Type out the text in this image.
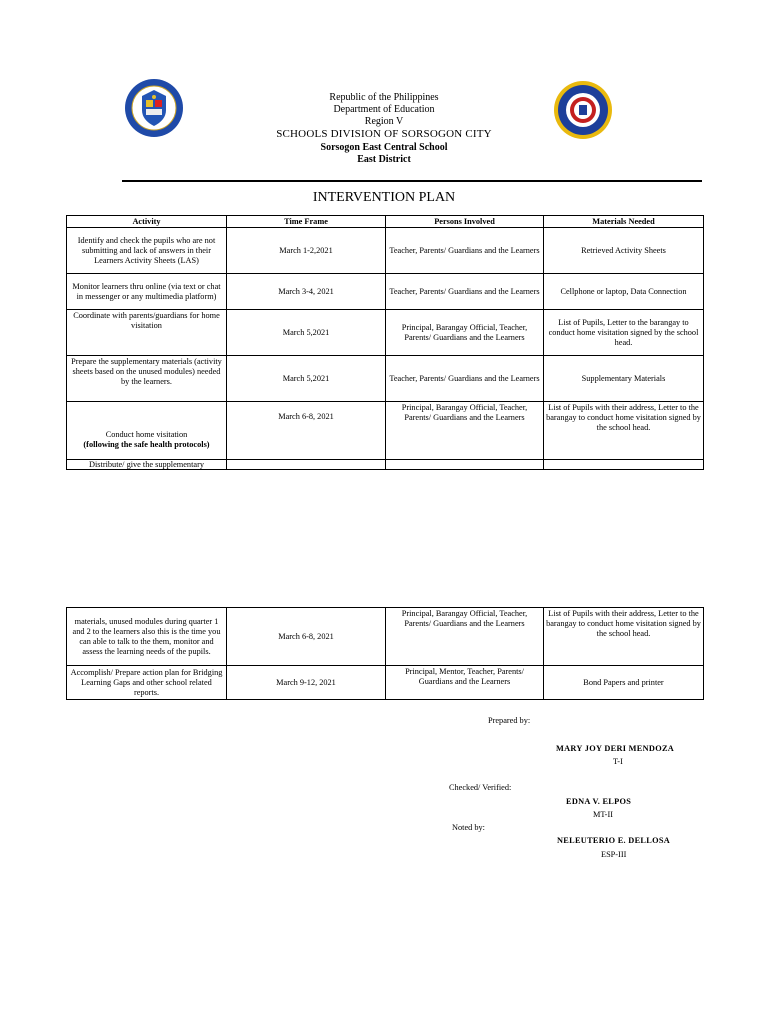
Republic of the Philippines
Department of Education
Region V
SCHOOLS DIVISION OF SORSOGON CITY
Sorsogon East Central School
East District
INTERVENTION PLAN
Activity	Time Frame	Persons Involved	Materials Needed
Identify and check the pupils who are not submitting and lack of answers in their Learners Activity Sheets (LAS)	March 1-2,2021	Teacher, Parents/ Guardians and the Learners	Retrieved Activity Sheets
Monitor learners thru online (via text or chat in messenger or any multimedia platform)	March 3-4, 2021	Teacher, Parents/ Guardians and the Learners	Cellphone or laptop, Data Connection
Coordinate with parents/guardians for home visitation	March 5,2021	Principal, Barangay Official, Teacher, Parents/ Guardians and the Learners	List of Pupils, Letter to the barangay to conduct home visitation signed by the school head.
Prepare the supplementary materials (activity sheets based on the unused modules) needed by the learners.	March 5,2021	Teacher, Parents/ Guardians and the Learners	Supplementary Materials
Conduct home visitation
(following the safe health protocols)	March 6-8, 2021	Principal, Barangay Official, Teacher, Parents/ Guardians and the Learners	List of Pupils with their address, Letter to the barangay to conduct home visitation signed by the school head.
Distribute/ give the supplementary			
materials, unused modules during quarter 1 and 2 to the learners also this is the time you can able to talk to the them, monitor and assess the learning needs of the pupils.	March 6-8, 2021	Principal, Barangay Official, Teacher, Parents/ Guardians and the Learners	List of Pupils with their address, Letter to the barangay to conduct home visitation signed by the school head.
Accomplish/ Prepare action plan for Bridging Learning Gaps and other school related reports.	March 9-12, 2021	Principal, Mentor, Teacher, Parents/ Guardians and the Learners	Bond Papers and printer
Prepared by:
MARY JOY DERI MENDOZA
T-I
Checked/ Verified:
EDNA V. ELPOS
MT-II
Noted by:
NELEUTERIO E. DELLOSA
ESP-III
